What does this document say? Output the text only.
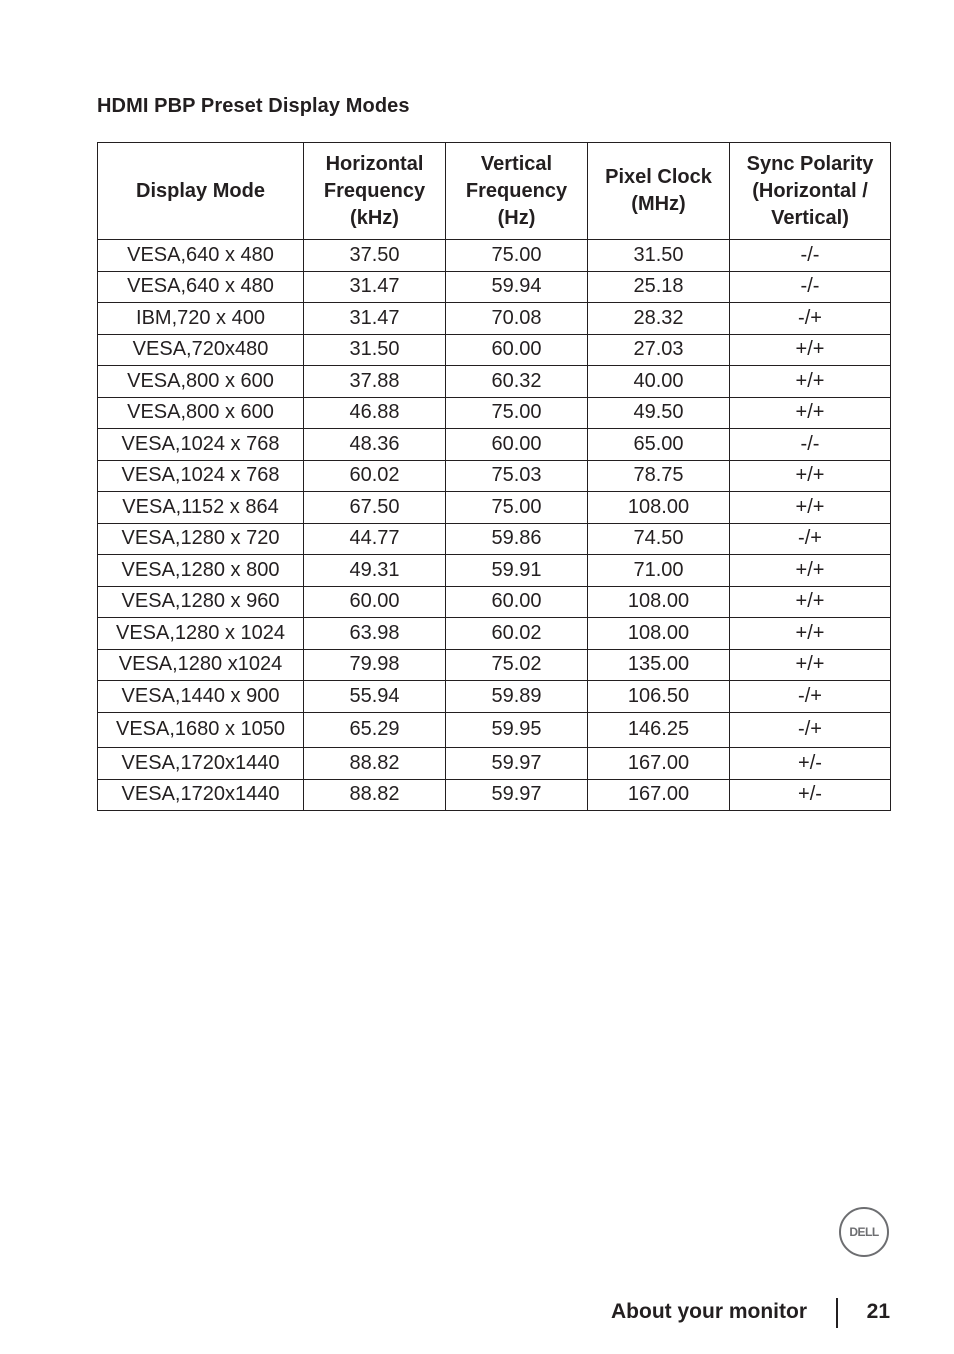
HDMI PBP Preset Display Modes
Display Mode	Horizontal Frequency (kHz)	Vertical Frequency (Hz)	Pixel Clock (MHz)	Sync Polarity (Horizontal / Vertical)
VESA,640 x 480	37.50	75.00	31.50	-/-
VESA,640 x 480	31.47	59.94	25.18	-/-
IBM,720 x 400	31.47	70.08	28.32	-/+
VESA,720x480	31.50	60.00	27.03	+/+
VESA,800 x 600	37.88	60.32	40.00	+/+
VESA,800 x 600	46.88	75.00	49.50	+/+
VESA,1024 x 768	48.36	60.00	65.00	-/-
VESA,1024 x 768	60.02	75.03	78.75	+/+
VESA,1152 x 864	67.50	75.00	108.00	+/+
VESA,1280 x 720	44.77	59.86	74.50	-/+
VESA,1280 x 800	49.31	59.91	71.00	+/+
VESA,1280 x 960	60.00	60.00	108.00	+/+
VESA,1280 x 1024	63.98	60.02	108.00	+/+
VESA,1280 x1024	79.98	75.02	135.00	+/+
VESA,1440 x 900	55.94	59.89	106.50	-/+
VESA,1680 x 1050	65.29	59.95	146.25	-/+
VESA,1720x1440	88.82	59.97	167.00	+/-
VESA,1720x1440	88.82	59.97	167.00	+/-
DELL
About your monitor	21
